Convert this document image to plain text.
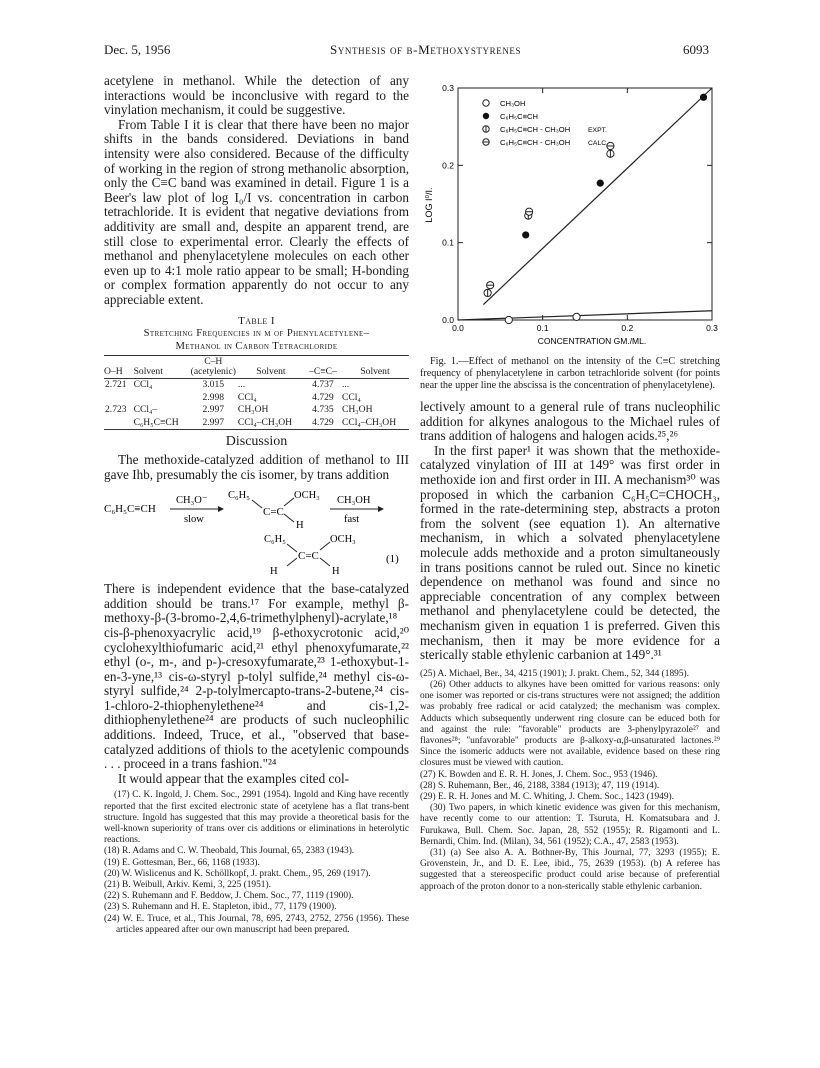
Dec. 5, 1956	Synthesis of β-Methoxystyrenes	6093

acetylene in methanol. While the detection of any interactions would be inconclusive with regard to the vinylation mechanism, it could be suggestive.

From Table I it is clear that there have been no major shifts in the bands considered. Deviations in band intensity were also considered. Because of the difficulty of working in the region of strong methanolic absorption, only the C≡C band was examined in detail. Figure 1 is a Beer's law plot of log I₀/I vs. concentration in carbon tetrachloride. It is evident that negative deviations from additivity are small and, despite an apparent trend, are still close to experimental error. Clearly the effects of methanol and phenylacetylene molecules on each other even up to 4:1 mole ratio appear to be small; H-bonding or complex formation apparently do not occur to any appreciable extent.

Table I
Stretching Frequencies in μ of Phenylacetylene–
Methanol in Carbon Tetrachloride
O–H	Solvent	C–H (acetylenic)	Solvent	–C≡C–	Solvent
2.721	CCl₄	3.015	...	4.737	...
		2.998	CCl₄	4.729	CCl₄
2.723	CCl₄–	2.997	CH₃OH	4.735	CH₃OH
	C₆H₅C≡CH	2.997	CCl₄–CH₃OH	4.729	CCl₄–CH₃OH
Discussion

The methoxide-catalyzed addition of methanol to III gave Ihb, presumably the cis isomer, by trans addition

C₆H₅C≡CH
CH₃O⁻
slow
C₆H₅
C=C
OCH₃
H
CH₃OH
fast
C₆H₅
H
C=C
OCH₃
H
(1)

There is independent evidence that the base-catalyzed addition should be trans.¹⁷ For example, methyl β-methoxy-β-(3-bromo-2,4,6-trimethylphenyl)-acrylate,¹⁸ cis-β-phenoxyacrylic acid,¹⁹ β-ethoxycrotonic acid,²⁰ cyclohexylthiofumaric acid,²¹ ethyl phenoxyfumarate,²² ethyl (o-, m-, and p-)-cresoxyfumarate,²³ 1-ethoxybut-1-en-3-yne,¹³ cis-ω-styryl p-tolyl sulfide,²⁴ methyl cis-ω-styryl sulfide,²⁴ 2-p-tolylmercapto-trans-2-butene,²⁴ cis-1-chloro-2-thiophenylethene²⁴ and cis-1,2-dithiophenylethene²⁴ are products of such nucleophilic additions. Indeed, Truce, et al., "observed that base-catalyzed additions of thiols to the acetylenic compounds . . . proceed in a trans fashion."²⁴

It would appear that the examples cited col-

(17) C. K. Ingold, J. Chem. Soc., 2991 (1954). Ingold and King have recently reported that the first excited electronic state of acetylene has a flat trans-bent structure. Ingold has suggested that this may provide a theoretical basis for the well-known superiority of trans over cis additions or eliminations in heterolytic reactions.

(18) R. Adams and C. W. Theobald, This Journal, 65, 2383 (1943).

(19) E. Gottesman, Ber., 66, 1168 (1933).

(20) W. Wislicenus and K. Schöllkopf, J. prakt. Chem., 95, 269 (1917).

(21) B. Weibull, Arkiv. Kemi, 3, 225 (1951).

(22) S. Ruhemann and F. Beddow, J. Chem. Soc., 77, 1119 (1900).

(23) S. Ruhemann and H. E. Stapleton, ibid., 77, 1179 (1900).

(24) W. E. Truce, et al., This Journal, 78, 695, 2743, 2752, 2756 (1956). These articles appeared after our own manuscript had been prepared.

0.0	0.1	0.2	0.3
0.0
0.1
0.2
0.3
CH₃OH
C₆H₅C≡CH
C₆H₅C≡CH - CH₃OH	EXPT.
C₆H₅C≡CH - CH₃OH	CALC.
LOG I⁰/I.
CONCENTRATION GM./ML.

Fig. 1.—Effect of methanol on the intensity of the C≡C stretching frequency of phenylacetylene in carbon tetrachloride solvent (for points near the upper line the abscissa is the concentration of phenylacetylene).

lectively amount to a general rule of trans nucleophilic addition for alkynes analogous to the Michael rules of trans addition of halogens and halogen acids.²⁵,²⁶

In the first paper¹ it was shown that the methoxide-catalyzed vinylation of III at 149° was first order in methoxide ion and first order in III. A mechanism³⁰ was proposed in which the carbanion C₆H₅C=CHOCH₃, formed in the rate-determining step, abstracts a proton from the solvent (see equation 1). An alternative mechanism, in which a solvated phenylacetylene molecule adds methoxide and a proton simultaneously in trans positions cannot be ruled out. Since no kinetic dependence on methanol was found and since no appreciable concentration of any complex between methanol and phenylacetylene could be detected, the mechanism given in equation 1 is preferred. Given this mechanism, then it may be more evidence for a sterically stable ethylenic carbanion at 149°.³¹

(25) A. Michael, Ber., 34, 4215 (1901); J. prakt. Chem., 52, 344 (1895).

(26) Other adducts to alkynes have been omitted for various reasons: only one isomer was reported or cis-trans structures were not assigned; the addition was probably free radical or acid catalyzed; the mechanism was complex. Adducts which subsequently underwent ring closure can be educed both for and against the rule: "favorable" products are 3-phenylpyrazole²⁷ and flavones²⁸; "unfavorable" products are β-alkoxy-α,β-unsaturated lactones.²⁹ Since the isomeric adducts were not available, evidence based on these ring closures must be viewed with caution.

(27) K. Bowden and E. R. H. Jones, J. Chem. Soc., 953 (1946).

(28) S. Ruhemann, Ber., 46, 2188, 3384 (1913); 47, 119 (1914).

(29) E. R. H. Jones and M. C. Whiting, J. Chem. Soc., 1423 (1949).

(30) Two papers, in which kinetic evidence was given for this mechanism, have recently come to our attention: T. Tsuruta, H. Komatsubara and J. Furukawa, Bull. Chem. Soc. Japan, 28, 552 (1955); R. Rigamonti and L. Bernardi, Chim. Ind. (Milan), 34, 561 (1952); C.A., 47, 2583 (1953).

(31) (a) See also A. A. Bothner-By, This Journal, 77, 3293 (1955); E. Grovenstein, Jr., and D. E. Lee, ibid., 75, 2639 (1953). (b) A referee has suggested that a stereospecific product could arise because of preferential approach of the proton donor to a non-sterically stable ethylenic carbanion.
